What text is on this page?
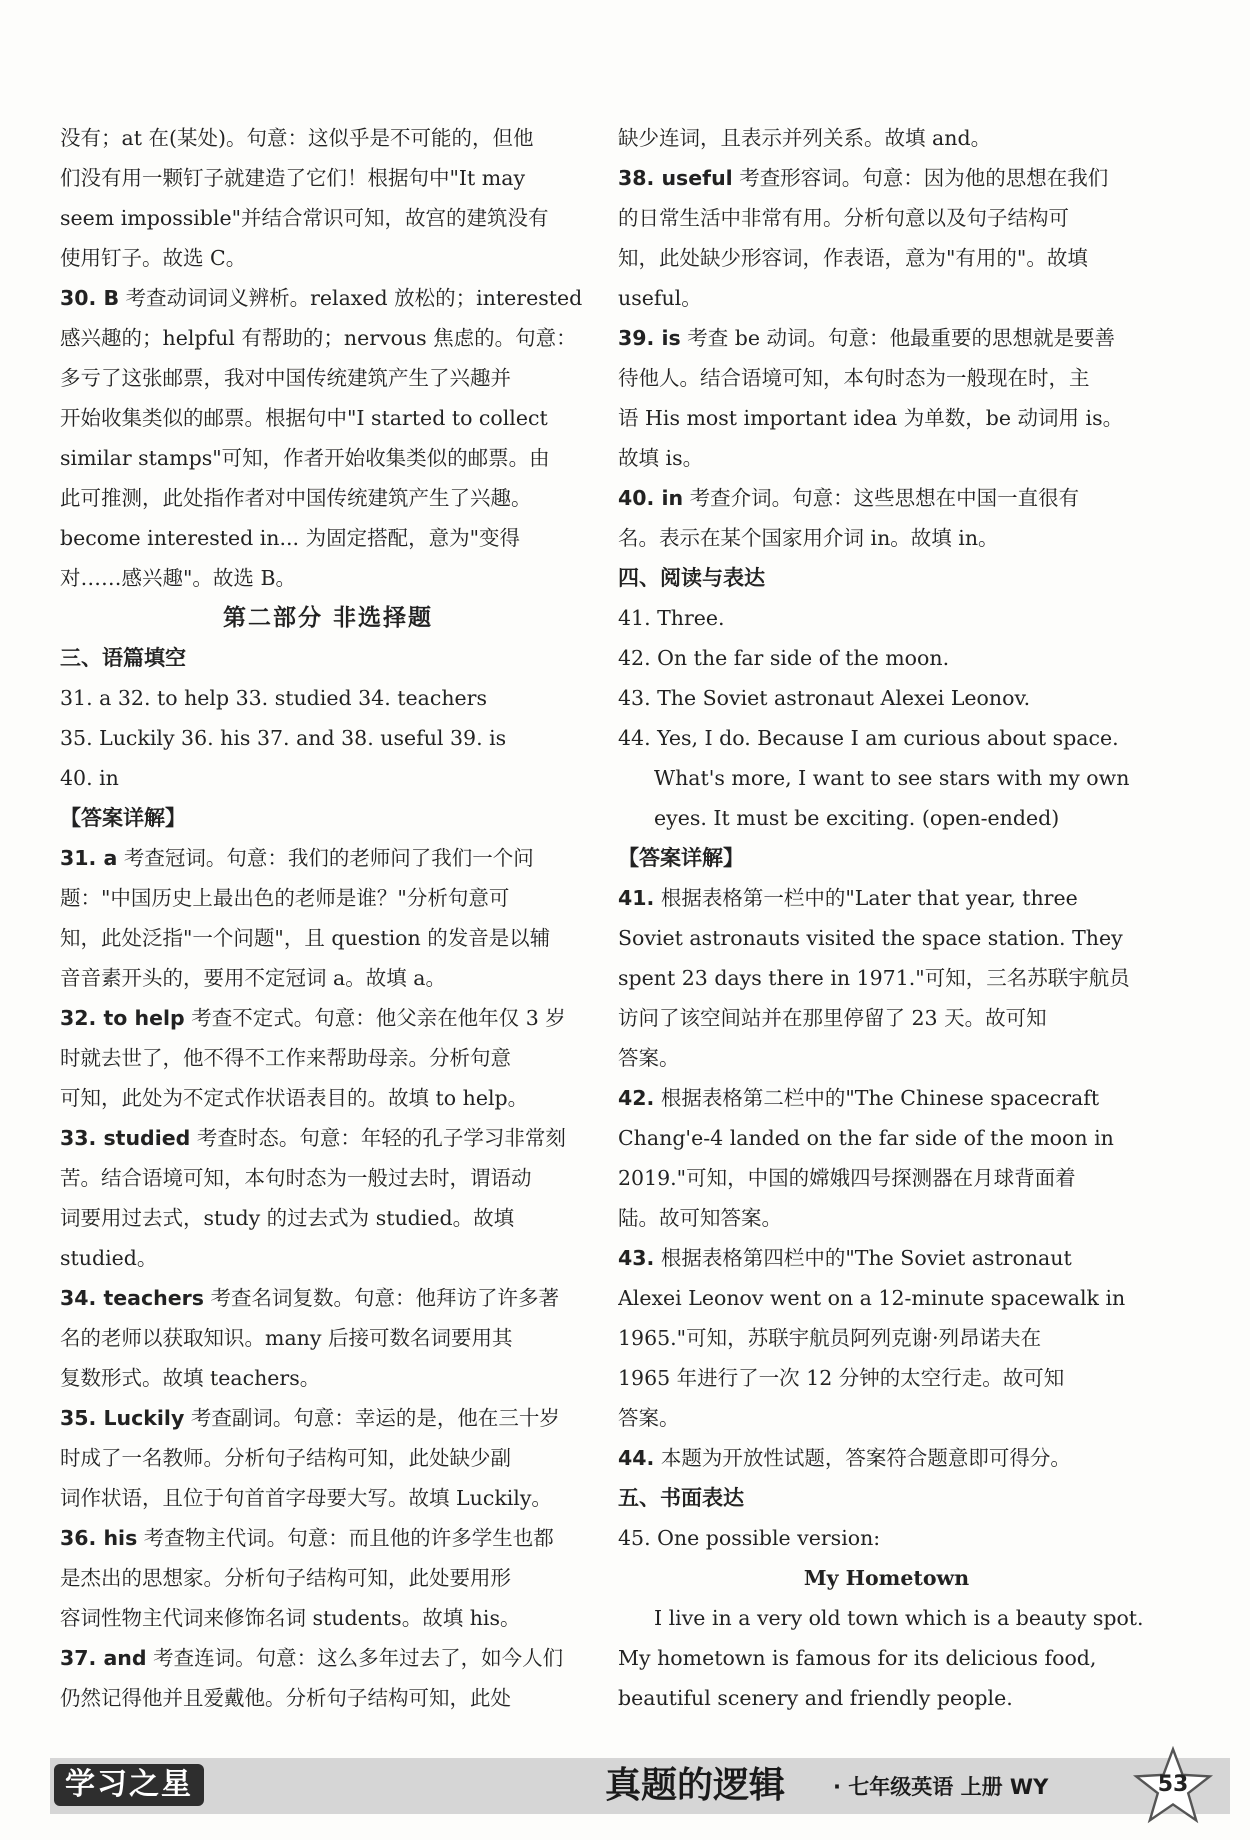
没有；at 在(某处)。句意：这似乎是不可能的，但他
们没有用一颗钉子就建造了它们！根据句中"It may
seem impossible"并结合常识可知，故宫的建筑没有
使用钉子。故选 C。
30. B 考查动词词义辨析。relaxed 放松的；interested
感兴趣的；helpful 有帮助的；nervous 焦虑的。句意：
多亏了这张邮票，我对中国传统建筑产生了兴趣并
开始收集类似的邮票。根据句中"I started to collect
similar stamps"可知，作者开始收集类似的邮票。由
此可推测，此处指作者对中国传统建筑产生了兴趣。
become interested in... 为固定搭配，意为"变得
对……感兴趣"。故选 B。
第二部分 非选择题
三、语篇填空
31. a 32. to help 33. studied 34. teachers
35. Luckily 36. his 37. and 38. useful 39. is
40. in
【答案详解】
31. a 考查冠词。句意：我们的老师问了我们一个问
题："中国历史上最出色的老师是谁？"分析句意可
知，此处泛指"一个问题"，且 question 的发音是以辅
音音素开头的，要用不定冠词 a。故填 a。
32. to help 考查不定式。句意：他父亲在他年仅 3 岁
时就去世了，他不得不工作来帮助母亲。分析句意
可知，此处为不定式作状语表目的。故填 to help。
33. studied 考查时态。句意：年轻的孔子学习非常刻
苦。结合语境可知，本句时态为一般过去时，谓语动
词要用过去式，study 的过去式为 studied。故填
studied。
34. teachers 考查名词复数。句意：他拜访了许多著
名的老师以获取知识。many 后接可数名词要用其
复数形式。故填 teachers。
35. Luckily 考查副词。句意：幸运的是，他在三十岁
时成了一名教师。分析句子结构可知，此处缺少副
词作状语，且位于句首首字母要大写。故填 Luckily。
36. his 考查物主代词。句意：而且他的许多学生也都
是杰出的思想家。分析句子结构可知，此处要用形
容词性物主代词来修饰名词 students。故填 his。
37. and 考查连词。句意：这么多年过去了，如今人们
仍然记得他并且爱戴他。分析句子结构可知，此处
缺少连词，且表示并列关系。故填 and。
38. useful 考查形容词。句意：因为他的思想在我们
的日常生活中非常有用。分析句意以及句子结构可
知，此处缺少形容词，作表语，意为"有用的"。故填
useful。
39. is 考查 be 动词。句意：他最重要的思想就是要善
待他人。结合语境可知，本句时态为一般现在时，主
语 His most important idea 为单数，be 动词用 is。
故填 is。
40. in 考查介词。句意：这些思想在中国一直很有
名。表示在某个国家用介词 in。故填 in。
四、阅读与表达
41. Three.
42. On the far side of the moon.
43. The Soviet astronaut Alexei Leonov.
44. Yes, I do. Because I am curious about space.
What's more, I want to see stars with my own
eyes. It must be exciting. (open-ended)
【答案详解】
41. 根据表格第一栏中的"Later that year, three
Soviet astronauts visited the space station. They
spent 23 days there in 1971."可知，三名苏联宇航员
访问了该空间站并在那里停留了 23 天。故可知
答案。
42. 根据表格第二栏中的"The Chinese spacecraft
Chang'e-4 landed on the far side of the moon in
2019."可知，中国的嫦娥四号探测器在月球背面着
陆。故可知答案。
43. 根据表格第四栏中的"The Soviet astronaut
Alexei Leonov went on a 12-minute spacewalk in
1965."可知，苏联宇航员阿列克谢·列昂诺夫在
1965 年进行了一次 12 分钟的太空行走。故可知
答案。
44. 本题为开放性试题，答案符合题意即可得分。
五、书面表达
45. One possible version:
My Hometown
I live in a very old town which is a beauty spot.
My hometown is famous for its delicious food,
beautiful scenery and friendly people.
学习之星	真题的逻辑 · 七年级英语 上册 WY	53
